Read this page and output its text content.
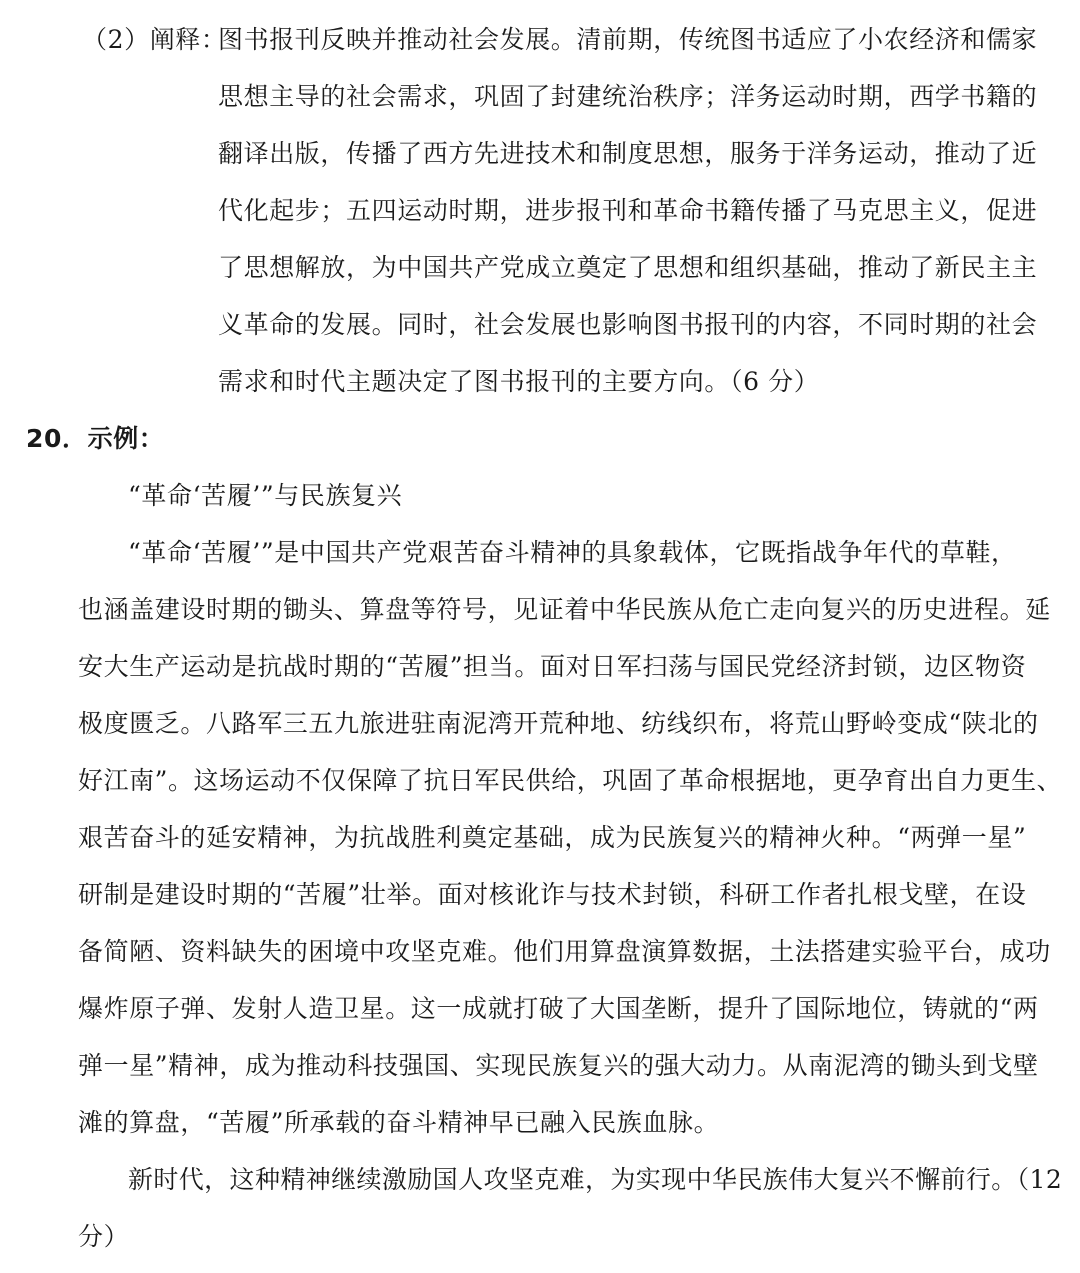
（2）阐释：
图书报刊反映并推动社会发展。清前期，传统图书适应了小农经济和儒家
思想主导的社会需求，巩固了封建统治秩序；洋务运动时期，西学书籍的
翻译出版，传播了西方先进技术和制度思想，服务于洋务运动，推动了近
代化起步；五四运动时期，进步报刊和革命书籍传播了马克思主义，促进
了思想解放，为中国共产党成立奠定了思想和组织基础，推动了新民主主
义革命的发展。同时，社会发展也影响图书报刊的内容，不同时期的社会
需求和时代主题决定了图书报刊的主要方向。（6 分）
20．示例：
“革命‘苦履’”与民族复兴
“革命‘苦履’”是中国共产党艰苦奋斗精神的具象载体，它既指战争年代的草鞋，
也涵盖建设时期的锄头、算盘等符号，见证着中华民族从危亡走向复兴的历史进程。延
安大生产运动是抗战时期的“苦履”担当。面对日军扫荡与国民党经济封锁，边区物资
极度匮乏。八路军三五九旅进驻南泥湾开荒种地、纺线织布，将荒山野岭变成“陕北的
好江南”。这场运动不仅保障了抗日军民供给，巩固了革命根据地，更孕育出自力更生、
艰苦奋斗的延安精神，为抗战胜利奠定基础，成为民族复兴的精神火种。“两弹一星”
研制是建设时期的“苦履”壮举。面对核讹诈与技术封锁，科研工作者扎根戈壁，在设
备简陋、资料缺失的困境中攻坚克难。他们用算盘演算数据，土法搭建实验平台，成功
爆炸原子弹、发射人造卫星。这一成就打破了大国垄断，提升了国际地位，铸就的“两
弹一星”精神，成为推动科技强国、实现民族复兴的强大动力。从南泥湾的锄头到戈壁
滩的算盘，“苦履”所承载的奋斗精神早已融入民族血脉。
新时代，这种精神继续激励国人攻坚克难，为实现中华民族伟大复兴不懈前行。（12
分）
